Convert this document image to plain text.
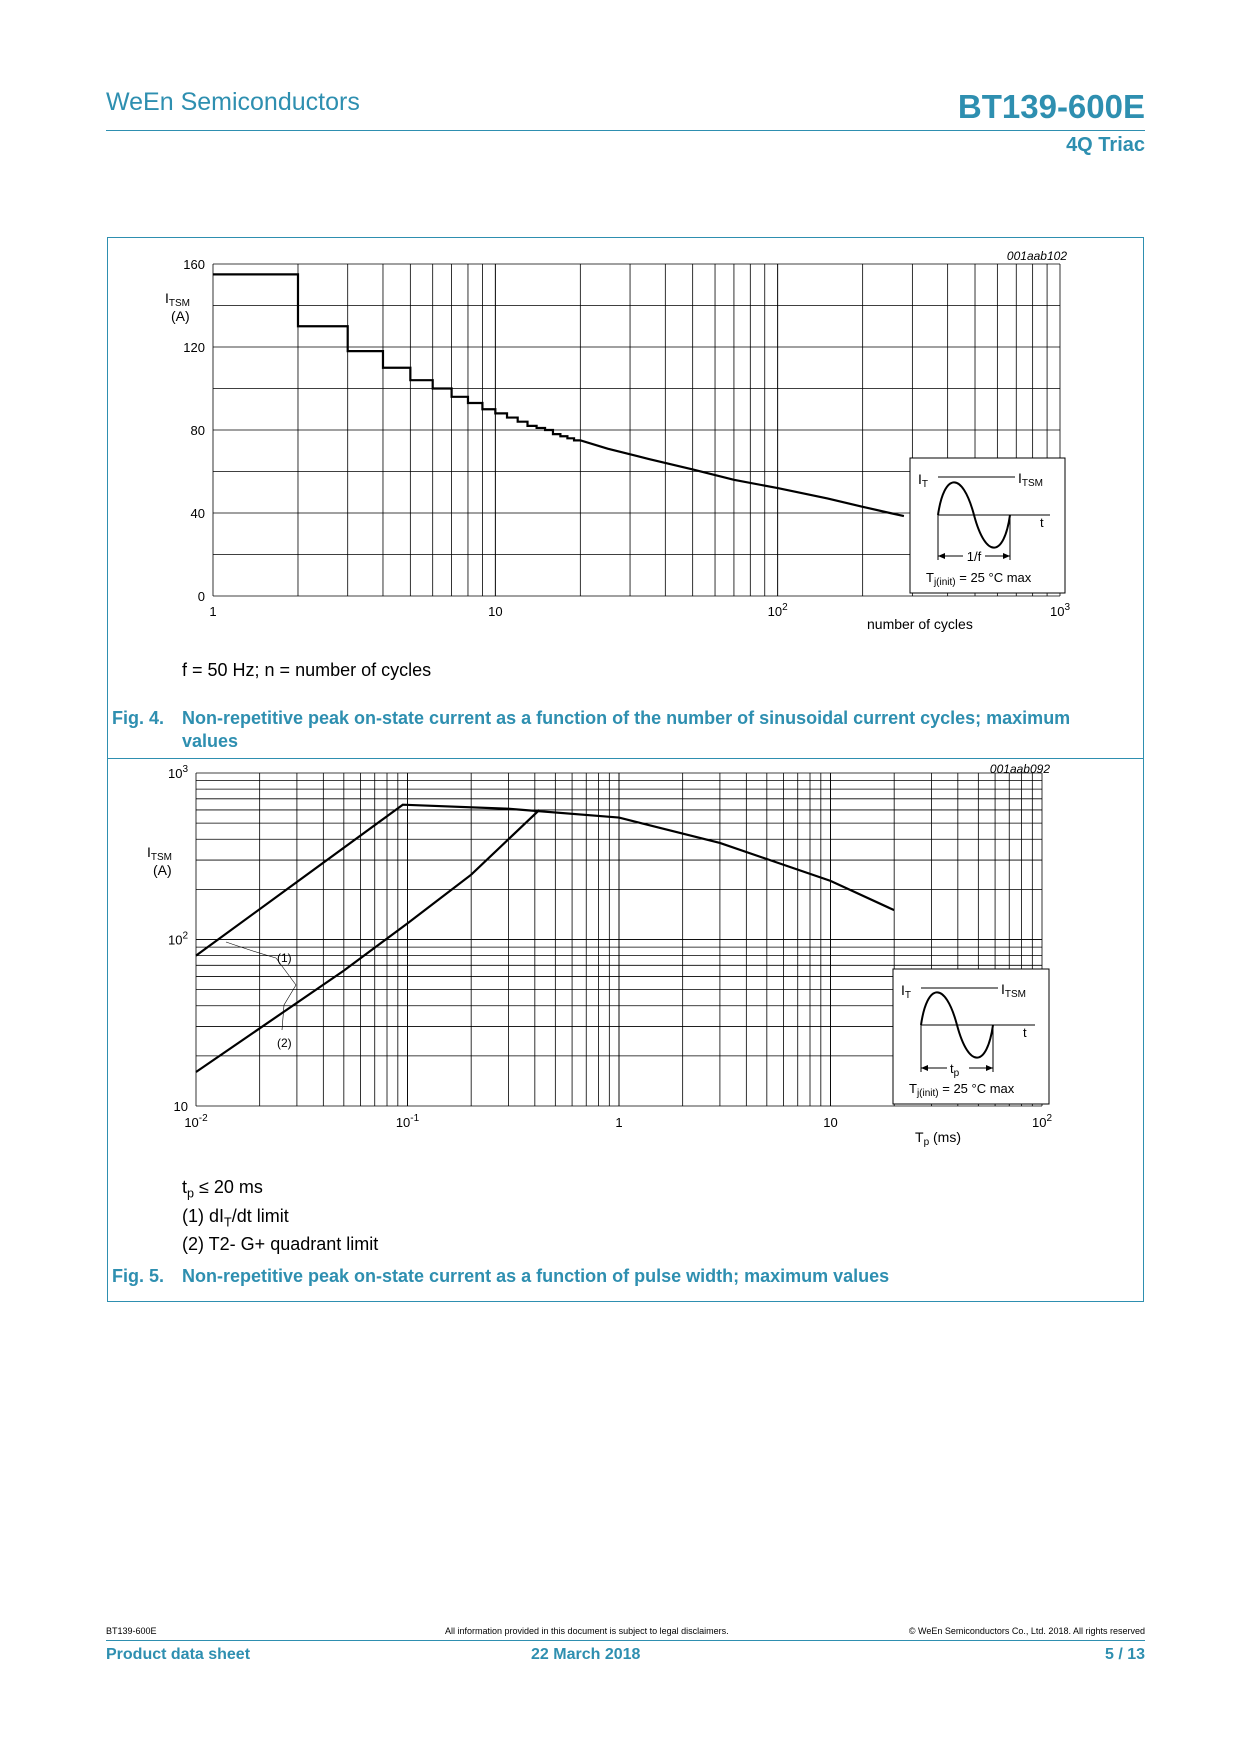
WeEn Semiconductors	BT139-600E
4Q Triac
0
40
80
120
160
1	10	$10^2$	$10^3$
001aab102
$I_{TSM}$
(A)
number of cycles
1/f
$I_T$	$I_{TSM}$
t
$T_{j(init)} = 25$ °C max
f = 50 Hz; n = number of cycles
Fig. 4. Non-repetitive peak on-state current as a function of the number of sinusoidal current cycles; maximum
values
10
$10^2$
$10^3$
$10^{-2}$	$10^{-1}$	1	10	$10^2$
001aab092
$I_{TSM}$
(A)
$T_p$ (ms)
(1)
(2)
$t_p$
$I_T$	$I_{TSM}$
t
$T_{j(init)} = 25$ °C max
$t_p \le 20$ ms
(1) $dI_T/dt$ limit
(2) T2- G+ quadrant limit
Fig. 5. Non-repetitive peak on-state current as a function of pulse width; maximum values
BT139-600E	All information provided in this document is subject to legal disclaimers.	© WeEn Semiconductors Co., Ltd. 2018. All rights reserved
Product data sheet	22 March 2018	5 / 13
